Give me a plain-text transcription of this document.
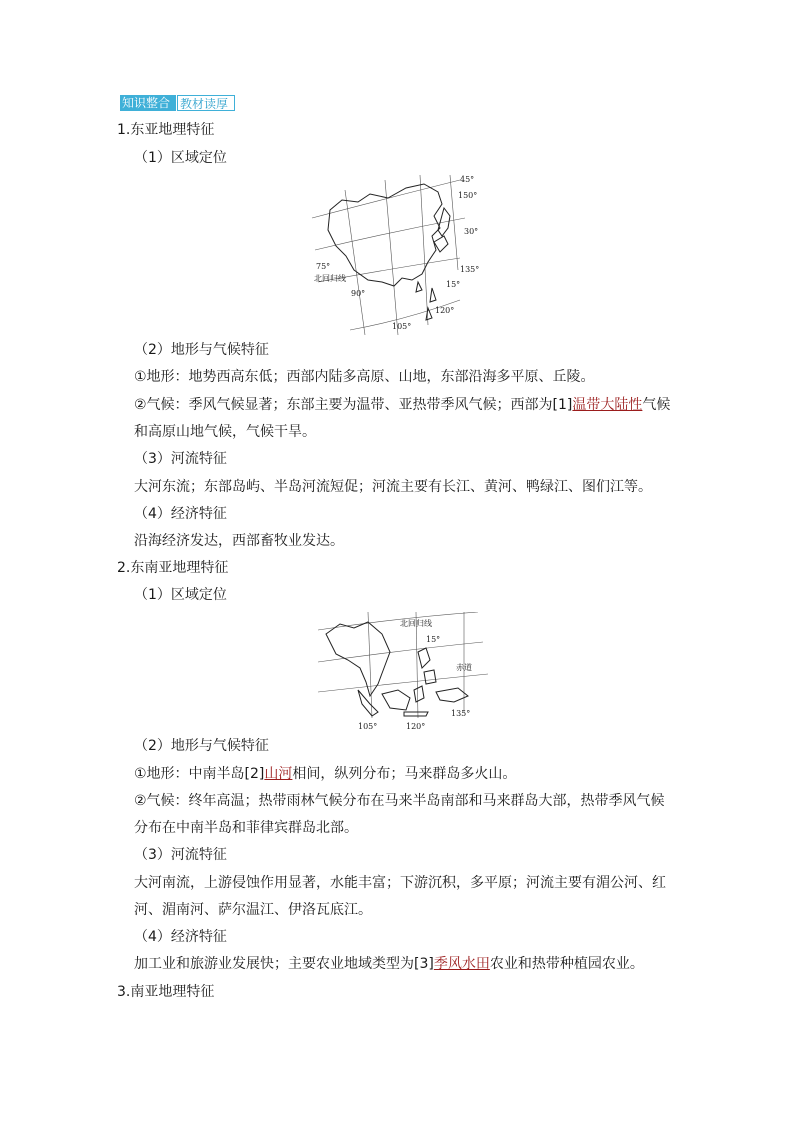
知识整合 教材读厚
1.东亚地理特征
（1）区域定位
45°
150°
30°
75°
北回归线
135°
15°
90°
120°
105°
（2）地形与气候特征
①地形：地势西高东低；西部内陆多高原、山地，东部沿海多平原、丘陵。
②气候：季风气候显著；东部主要为温带、亚热带季风气候；西部为[1]温带大陆性气候
和高原山地气候，气候干旱。
（3）河流特征
大河东流；东部岛屿、半岛河流短促；河流主要有长江、黄河、鸭绿江、图们江等。
（4）经济特征
沿海经济发达，西部畜牧业发达。
2.东南亚地理特征
（1）区域定位
北回归线
15°
赤道
105°	120°
135°
（2）地形与气候特征
①地形：中南半岛[2]山河相间，纵列分布；马来群岛多火山。
②气候：终年高温；热带雨林气候分布在马来半岛南部和马来群岛大部，热带季风气候
分布在中南半岛和菲律宾群岛北部。
（3）河流特征
大河南流，上游侵蚀作用显著，水能丰富；下游沉积，多平原；河流主要有湄公河、红
河、湄南河、萨尔温江、伊洛瓦底江。
（4）经济特征
加工业和旅游业发展快；主要农业地域类型为[3]季风水田农业和热带种植园农业。
3.南亚地理特征
